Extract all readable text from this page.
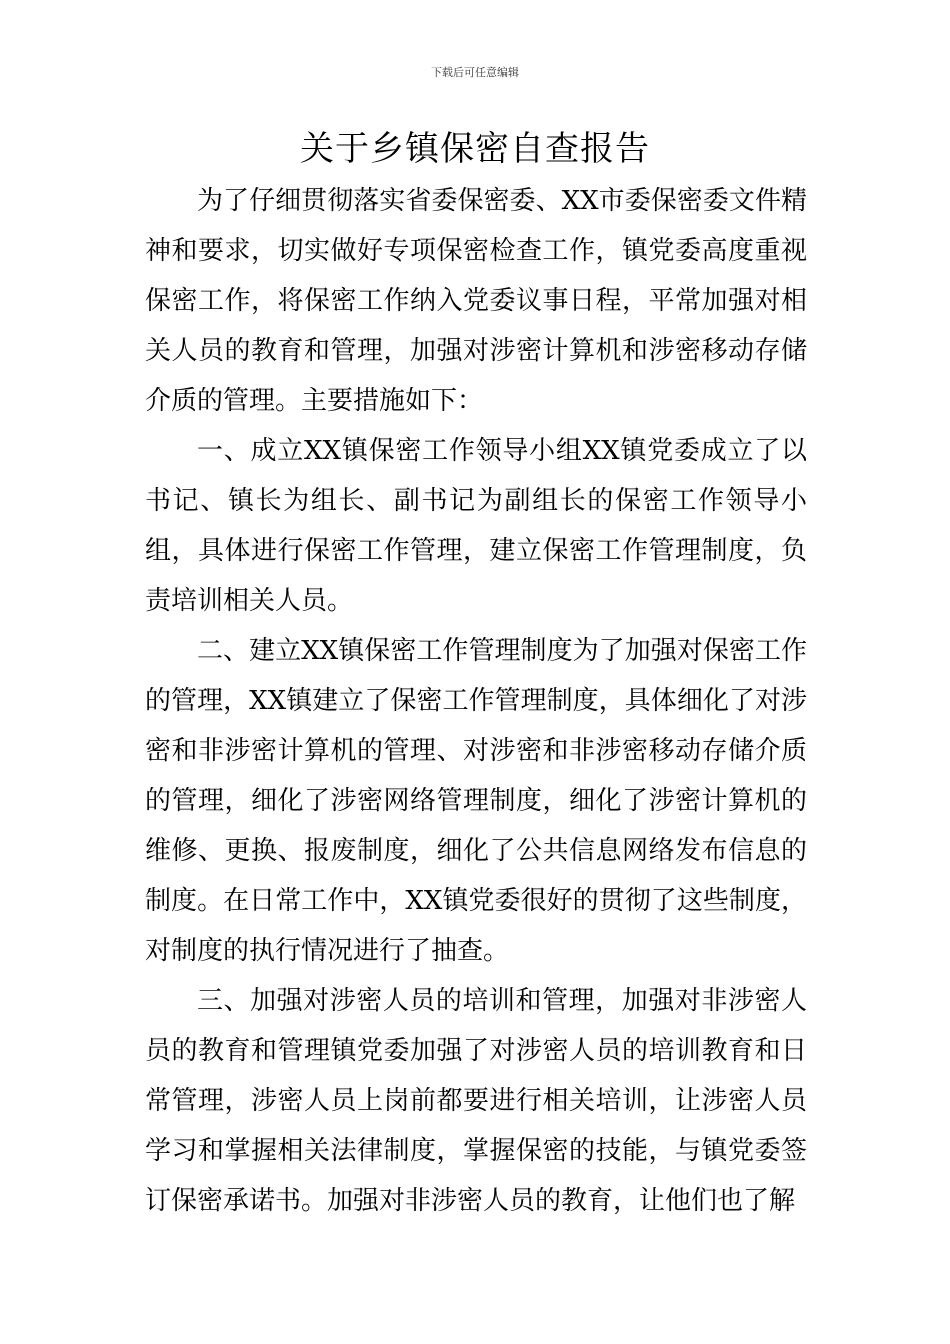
下载后可任意编辑
关于乡镇保密自查报告

为了仔细贯彻落实省委保密委、XX市委保密委文件精神和要求，切实做好专项保密检查工作，镇党委高度重视保密工作，将保密工作纳入党委议事日程，平常加强对相关人员的教育和管理，加强对涉密计算机和涉密移动存储介质的管理。主要措施如下：

一、成立XX镇保密工作领导小组XX镇党委成立了以书记、镇长为组长、副书记为副组长的保密工作领导小组，具体进行保密工作管理，建立保密工作管理制度，负责培训相关人员。

二、建立XX镇保密工作管理制度为了加强对保密工作的管理，XX镇建立了保密工作管理制度，具体细化了对涉密和非涉密计算机的管理、对涉密和非涉密移动存储介质的管理，细化了涉密网络管理制度，细化了涉密计算机的维修、更换、报废制度，细化了公共信息网络发布信息的制度。在日常工作中，XX镇党委很好的贯彻了这些制度，对制度的执行情况进行了抽查。

三、加强对涉密人员的培训和管理，加强对非涉密人员的教育和管理镇党委加强了对涉密人员的培训教育和日常管理，涉密人员上岗前都要进行相关培训，让涉密人员学习和掌握相关法律制度，掌握保密的技能，与镇党委签订保密承诺书。加强对非涉密人员的教育，让他们也了解
